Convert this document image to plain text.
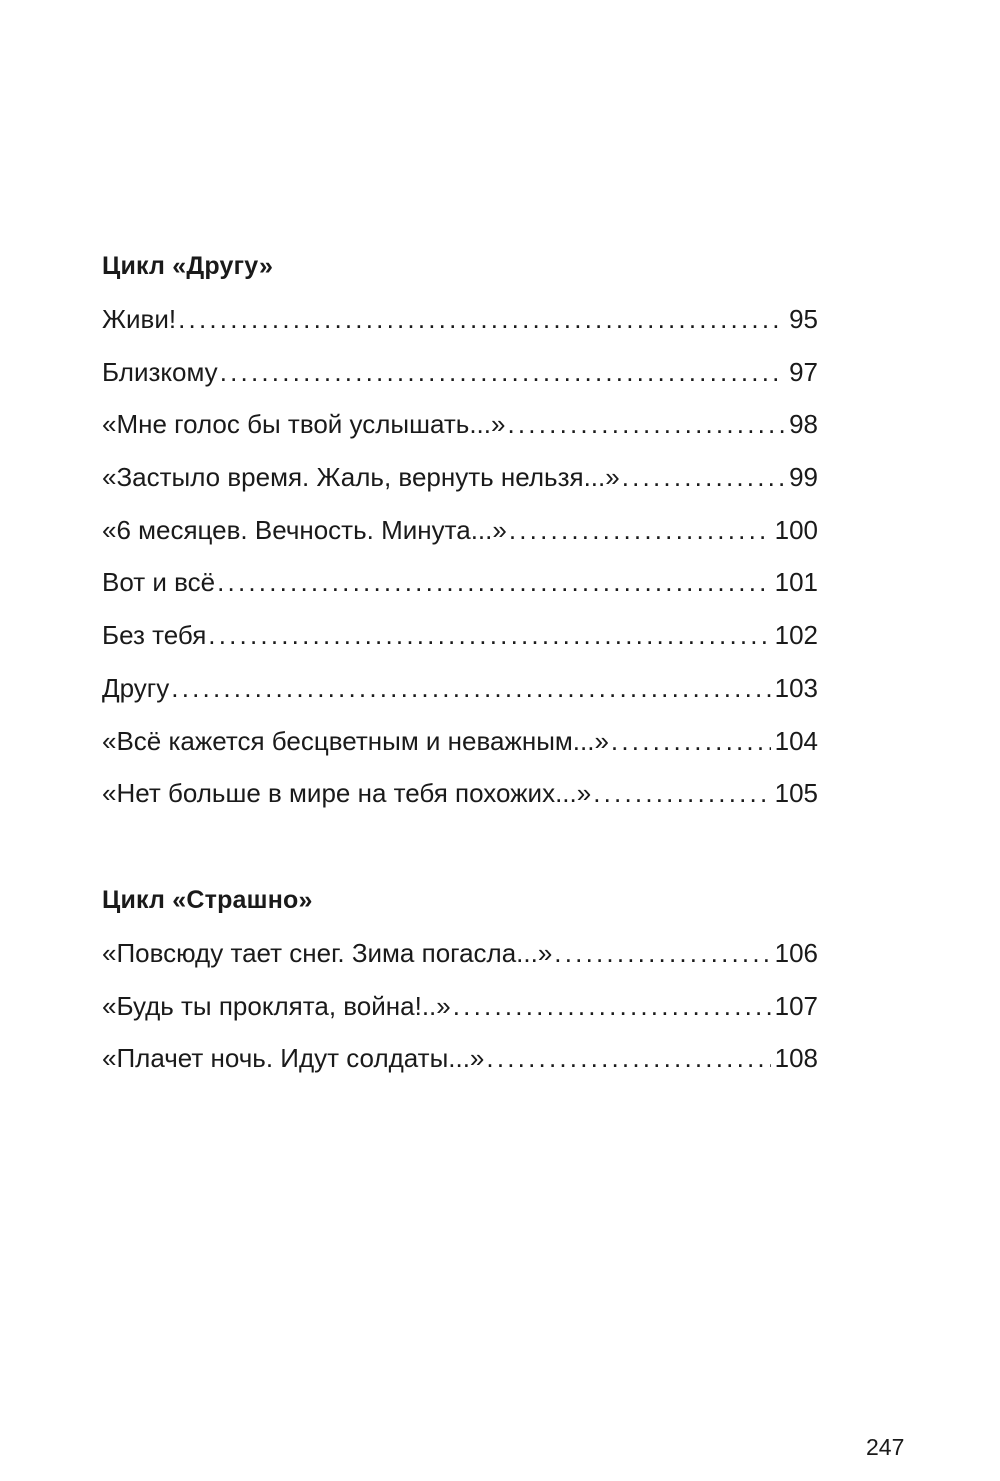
Цикл «Другу»
Живи! .....	95
Близкому .....	97
«Мне голос бы твой услышать...» .....	98
«Застыло время. Жаль, вернуть нельзя...» .....	99
«6 месяцев. Вечность. Минута...» .....	100
Вот и всё .....	101
Без тебя .....	102
Другу .....	103
«Всё кажется бесцветным и неважным...» .....	104
«Нет больше в мире на тебя похожих...» .....	105
Цикл «Страшно»
«Повсюду тает снег. Зима погасла...» .....	106
«Будь ты проклята, война!..» .....	107
«Плачет ночь. Идут солдаты...» .....	108
247
